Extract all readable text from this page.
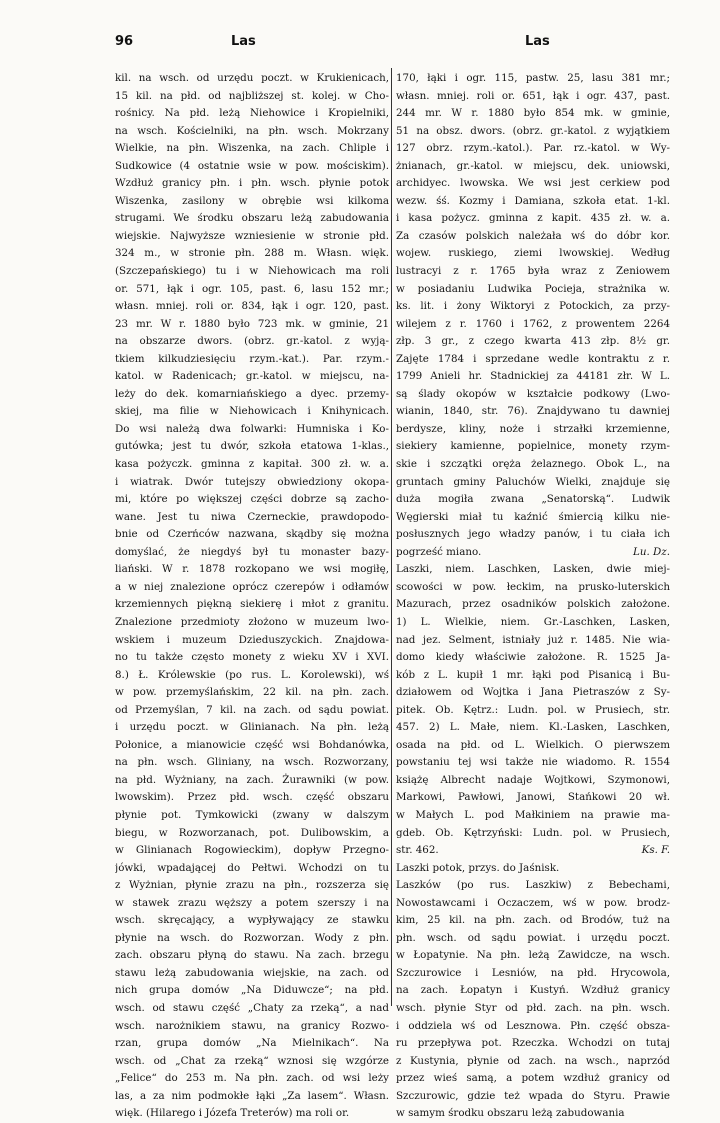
96	Las	Las
kil. na wsch. od urzędu poczt. w Krukienicach,
15 kil. na płd. od najbliższej st. kolej. w Cho-
rośnicy. Na płd. leżą Niehowice i Kropielniki,
na wsch. Kościelniki, na płn. wsch. Mokrzany
Wielkie, na płn. Wiszenka, na zach. Chliple i
Sudkowice (4 ostatnie wsie w pow. mościskim).
Wzdłuż granicy płn. i płn. wsch. płynie potok
Wiszenka, zasilony w obrębie wsi kilkoma
strugami. We środku obszaru leżą zabudowania
wiejskie. Najwyższe wzniesienie w stronie płd.
324 m., w stronie płn. 288 m. Własn. więk.
(Szczepańskiego) tu i w Niehowicach ma roli
or. 571, łąk i ogr. 105, past. 6, lasu 152 mr.;
własn. mniej. roli or. 834, łąk i ogr. 120, past.
23 mr. W r. 1880 było 723 mk. w gminie, 21
na obszarze dwors. (obrz. gr.-katol. z wyją-
tkiem kilkudziesięciu rzym.-kat.). Par. rzym.-
katol. w Radenicach; gr.-katol. w miejscu, na-
leży do dek. komarniańskiego a dyec. przemy-
skiej, ma filie w Niehowicach i Knihynicach.
Do wsi należą dwa folwarki: Humniska i Ko-
gutówka; jest tu dwór, szkoła etatowa 1-klas.,
kasa pożyczk. gminna z kapitał. 300 zł. w. a.
i wiatrak. Dwór tutejszy obwiedziony okopa-
mi, które po większej części dobrze są zacho-
wane. Jest tu niwa Czerneckie, prawdopodo-
bnie od Czerńców nazwana, skądby się można
domyślać, że niegdyś był tu monaster bazy-
liański. W r. 1878 rozkopano we wsi mogiłę,
a w niej znalezione oprócz czerepów i odłamów
krzemiennych piękną siekierę i młot z granitu.
Znalezione przedmioty złożono w muzeum lwo-
wskiem i muzeum Dzieduszyckich. Znajdowa-
no tu także często monety z wieku XV i XVI.
8.) Ł. Królewskie (po rus. L. Korolewski), wś
w pow. przemyślańskim, 22 kil. na płn. zach.
od Przemyślan, 7 kil. na zach. od sądu powiat.
i urzędu poczt. w Glinianach. Na płn. leżą
Połonice, a mianowicie część wsi Bohdanówka,
na płn. wsch. Gliniany, na wsch. Rozworzany,
na płd. Wyżniany, na zach. Żurawniki (w pow.
lwowskim). Przez płd. wsch. część obszaru
płynie pot. Tymkowicki (zwany w dalszym
biegu, w Rozworzanach, pot. Dulibowskim, a
w Glinianach Rogowieckim), dopływ Przegno-
jówki, wpadającej do Pełtwi. Wchodzi on tu
z Wyżnian, płynie zrazu na płn., rozszerza się
w stawek zrazu węższy a potem szerszy i na
wsch. skręcający, a wypływający ze stawku
płynie na wsch. do Rozworzan. Wody z płn.
zach. obszaru płyną do stawu. Na zach. brzegu
stawu leżą zabudowania wiejskie, na zach. od
nich grupa domów „Na Diduwcze“; na płd.
wsch. od stawu część „Chaty za rzeką“, a nad
wsch. narożnikiem stawu, na granicy Rozwo-
rzan, grupa domów „Na Mielnikach“. Na
wsch. od „Chat za rzeką“ wznosi się wzgórze
„Felice“ do 253 m. Na płn. zach. od wsi leży
las, a za nim podmokłe łąki „Za lasem“. Własn.
więk. (Hilarego i Józefa Treterów) ma roli or.
170, łąki i ogr. 115, pastw. 25, lasu 381 mr.;
własn. mniej. roli or. 651, łąk i ogr. 437, past.
244 mr. W r. 1880 było 854 mk. w gminie,
51 na obsz. dwors. (obrz. gr.-katol. z wyjątkiem
127 obrz. rzym.-katol.). Par. rz.-katol. w Wy-
żnianach, gr.-katol. w miejscu, dek. uniowski,
archidyec. lwowska. We wsi jest cerkiew pod
wezw. śś. Kozmy i Damiana, szkoła etat. 1-kl.
i kasa pożycz. gminna z kapit. 435 zł. w. a.
Za czasów polskich należała wś do dóbr kor.
wojew. ruskiego, ziemi lwowskiej. Według
lustracyi z r. 1765 była wraz z Zeniowem
w posiadaniu Ludwika Pocieja, strażnika w.
ks. lit. i żony Wiktoryi z Potockich, za przy-
wilejem z r. 1760 i 1762, z prowentem 2264
złp. 3 gr., z czego kwarta 413 złp. 8½ gr.
Zajęte 1784 i sprzedane wedle kontraktu z r.
1799 Anieli hr. Stadnickiej za 44181 złr. W L.
są ślady okopów w kształcie podkowy (Lwo-
wianin, 1840, str. 76). Znajdywano tu dawniej
berdysze, kliny, noże i strzałki krzemienne,
siekiery kamienne, popielnice, monety rzym-
skie i szczątki oręża żelaznego. Obok L., na
gruntach gminy Paluchów Wielki, znajduje się
duża mogiła zwana „Senatorską“. Ludwik
Węgierski miał tu kaźnić śmiercią kilku nie-
posłusznych jego władzy panów, i tu ciała ich
pogrześć miano.	Lu. Dz.
Laszki, niem. Laschken, Lasken, dwie miej-
scowości w pow. łeckim, na prusko-luterskich
Mazurach, przez osadników polskich założone.
1) L. Wielkie, niem. Gr.-Laschken, Lasken,
nad jez. Selment, istniały już r. 1485. Nie wia-
domo kiedy właściwie założone. R. 1525 Ja-
kób z L. kupił 1 mr. łąki pod Pisanicą i Bu-
działowem od Wojtka i Jana Pietraszów z Sy-
pitek. Ob. Kętrz.: Ludn. pol. w Prusiech, str.
457. 2) L. Małe, niem. Kl.-Lasken, Laschken,
osada na płd. od L. Wielkich. O pierwszem
powstaniu tej wsi także nie wiadomo. R. 1554
książę Albrecht nadaje Wojtkowi, Szymonowi,
Markowi, Pawłowi, Janowi, Stańkowi 20 wł.
w Małych L. pod Małkiniem na prawie ma-
gdeb. Ob. Kętrzyński: Ludn. pol. w Prusiech,
str. 462.	Ks. F.
Laszki potok, przys. do Jaśnisk.
Laszków (po rus. Laszkiw) z Bebechami,
Nowostawcami i Oczaczem, wś w pow. brodz-
kim, 25 kil. na płn. zach. od Brodów, tuż na
płn. wsch. od sądu powiat. i urzędu poczt.
w Łopatynie. Na płn. leżą Zawidcze, na wsch.
Szczurowice i Lesniów, na płd. Hrycowola,
na zach. Łopatyn i Kustyń. Wzdłuż granicy
wsch. płynie Styr od płd. zach. na płn. wsch.
i oddziela wś od Lesznowa. Płn. część obsza-
ru przepływa pot. Rzeczka. Wchodzi on tutaj
z Kustynia, płynie od zach. na wsch., naprzód
przez wieś samą, a potem wzdłuż granicy od
Szczurowic, gdzie też wpada do Styru. Prawie
w samym środku obszaru leżą zabudowania
